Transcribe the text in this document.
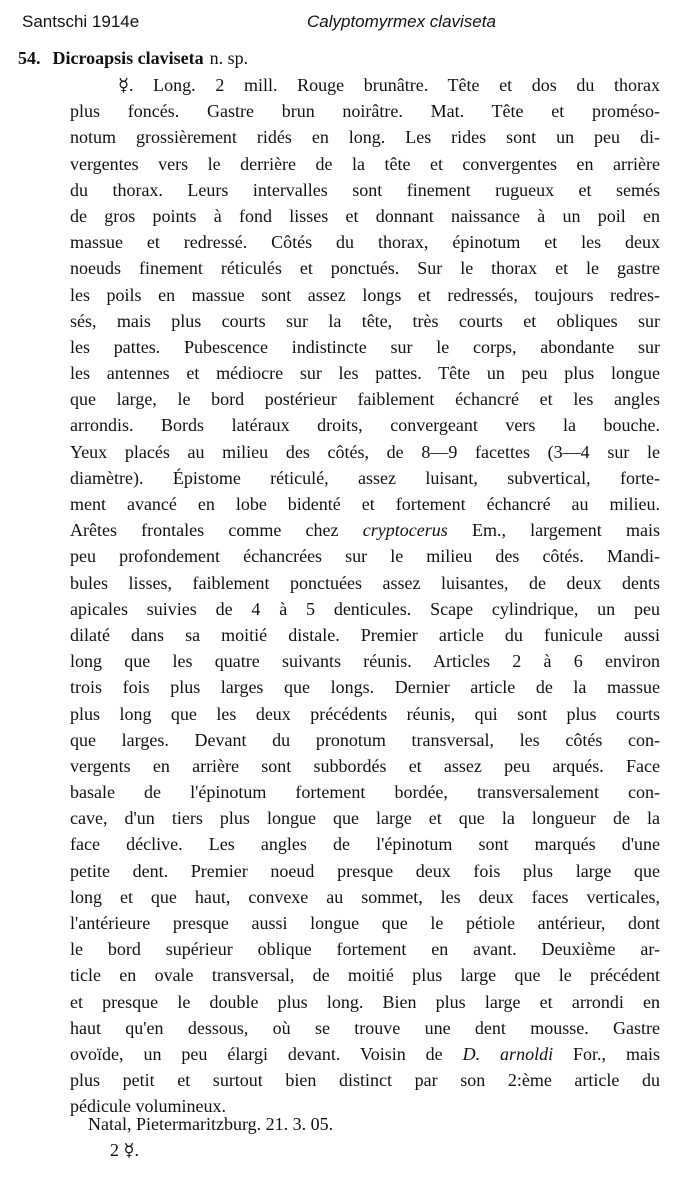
Santschi 1914e	Calyptomyrmex claviseta
54. Dicroapsis claviseta n. sp.
☿. Long. 2 mill. Rouge brunâtre. Tête et dos du thorax
plus foncés. Gastre brun noirâtre. Mat. Tête et proméso-
notum grossièrement ridés en long. Les rides sont un peu di-
vergentes vers le derrière de la tête et convergentes en arrière
du thorax. Leurs intervalles sont finement rugueux et semés
de gros points à fond lisses et donnant naissance à un poil en
massue et redressé. Côtés du thorax, épinotum et les deux
noeuds finement réticulés et ponctués. Sur le thorax et le gastre
les poils en massue sont assez longs et redressés, toujours redres-
sés, mais plus courts sur la tête, très courts et obliques sur
les pattes. Pubescence indistincte sur le corps, abondante sur
les antennes et médiocre sur les pattes. Tête un peu plus longue
que large, le bord postérieur faiblement échancré et les angles
arrondis. Bords latéraux droits, convergeant vers la bouche.
Yeux placés au milieu des côtés, de 8—9 facettes (3—4 sur le
diamètre). Épistome réticulé, assez luisant, subvertical, forte-
ment avancé en lobe bidenté et fortement échancré au milieu.
Arêtes frontales comme chez cryptocerus Em., largement mais
peu profondement échancrées sur le milieu des côtés. Mandi-
bules lisses, faiblement ponctuées assez luisantes, de deux dents
apicales suivies de 4 à 5 denticules. Scape cylindrique, un peu
dilaté dans sa moitié distale. Premier article du funicule aussi
long que les quatre suivants réunis. Articles 2 à 6 environ
trois fois plus larges que longs. Dernier article de la massue
plus long que les deux précédents réunis, qui sont plus courts
que larges. Devant du pronotum transversal, les côtés con-
vergents en arrière sont subbordés et assez peu arqués. Face
basale de l'épinotum fortement bordée, transversalement con-
cave, d'un tiers plus longue que large et que la longueur de la
face déclive. Les angles de l'épinotum sont marqués d'une
petite dent. Premier noeud presque deux fois plus large que
long et que haut, convexe au sommet, les deux faces verticales,
l'antérieure presque aussi longue que le pétiole antérieur, dont
le bord supérieur oblique fortement en avant. Deuxième ar-
ticle en ovale transversal, de moitié plus large que le précédent
et presque le double plus long. Bien plus large et arrondi en
haut qu'en dessous, où se trouve une dent mousse. Gastre
ovoïde, un peu élargi devant. Voisin de D. arnoldi For., mais
plus petit et surtout bien distinct par son 2:ème article du
pédicule volumineux.
Natal, Pietermaritzburg. 21. 3. 05.
2 ☿.
